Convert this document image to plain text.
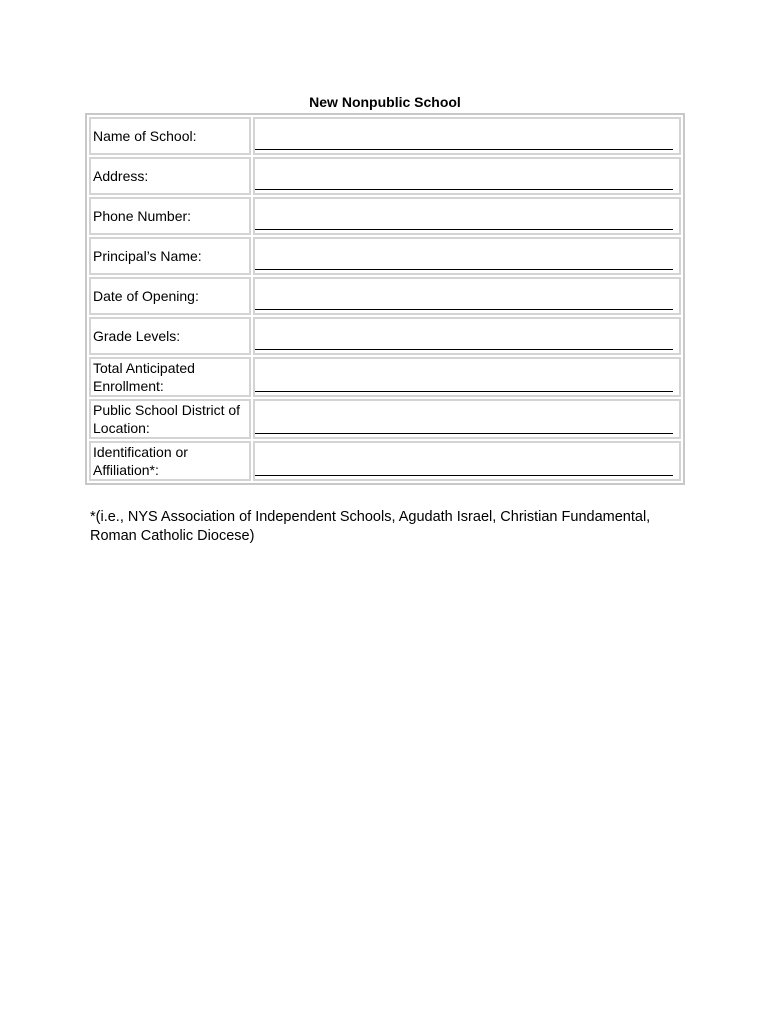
New Nonpublic School
Name of School:	

Address:	

Phone Number:	

Principal’s Name:	

Date of Opening:	

Grade Levels:	

Total Anticipated Enrollment:	

Public School District of Location:	

Identification or Affiliation*:	
*(i.e., NYS Association of Independent Schools, Agudath Israel, Christian Fundamental, Roman Catholic Diocese)
